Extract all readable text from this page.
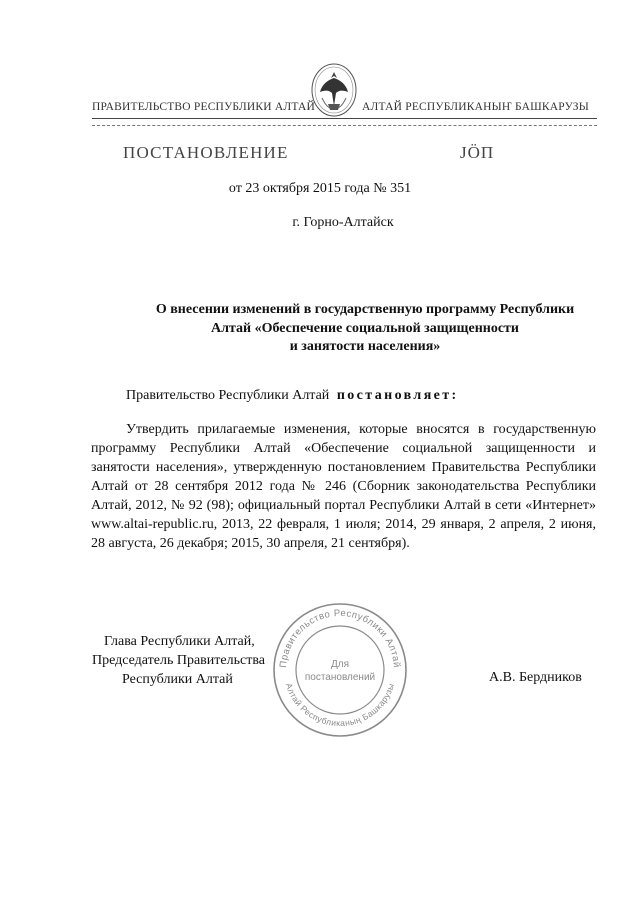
ПРАВИТЕЛЬСТВО РЕСПУБЛИКИ АЛТАЙ	АЛТАЙ РЕСПУБЛИКАНЫҤ БАШКАРУЗЫ
ПОСТАНОВЛЕНИЕ	JÖП
от 23 октября 2015 года № 351
г. Горно-Алтайск
О внесении изменений в государственную программу Республики
Алтай «Обеспечение социальной защищенности
и занятости населения»
Правительство Республики Алтай постановляет:
Утвердить прилагаемые изменения, которые вносятся в государственную программу Республики Алтай «Обеспечение социальной защищенности и занятости населения», утвержденную постановлением Правительства Республики Алтай от 28 сентября 2012 года № 246 (Сборник законодательства Республики Алтай, 2012, № 92 (98); официальный портал Республики Алтай в сети «Интернет» www.altai-republic.ru, 2013, 22 февраля, 1 июля; 2014, 29 января, 2 апреля, 2 июня, 28 августа, 26 декабря; 2015, 30 апреля, 21 сентября).
Глава Республики Алтай,
Председатель Правительства
Республики Алтай	А.В. Бердников
Правительство Республики Алтай
Алтай Республиканың Башкарузы
Для
постановлений
